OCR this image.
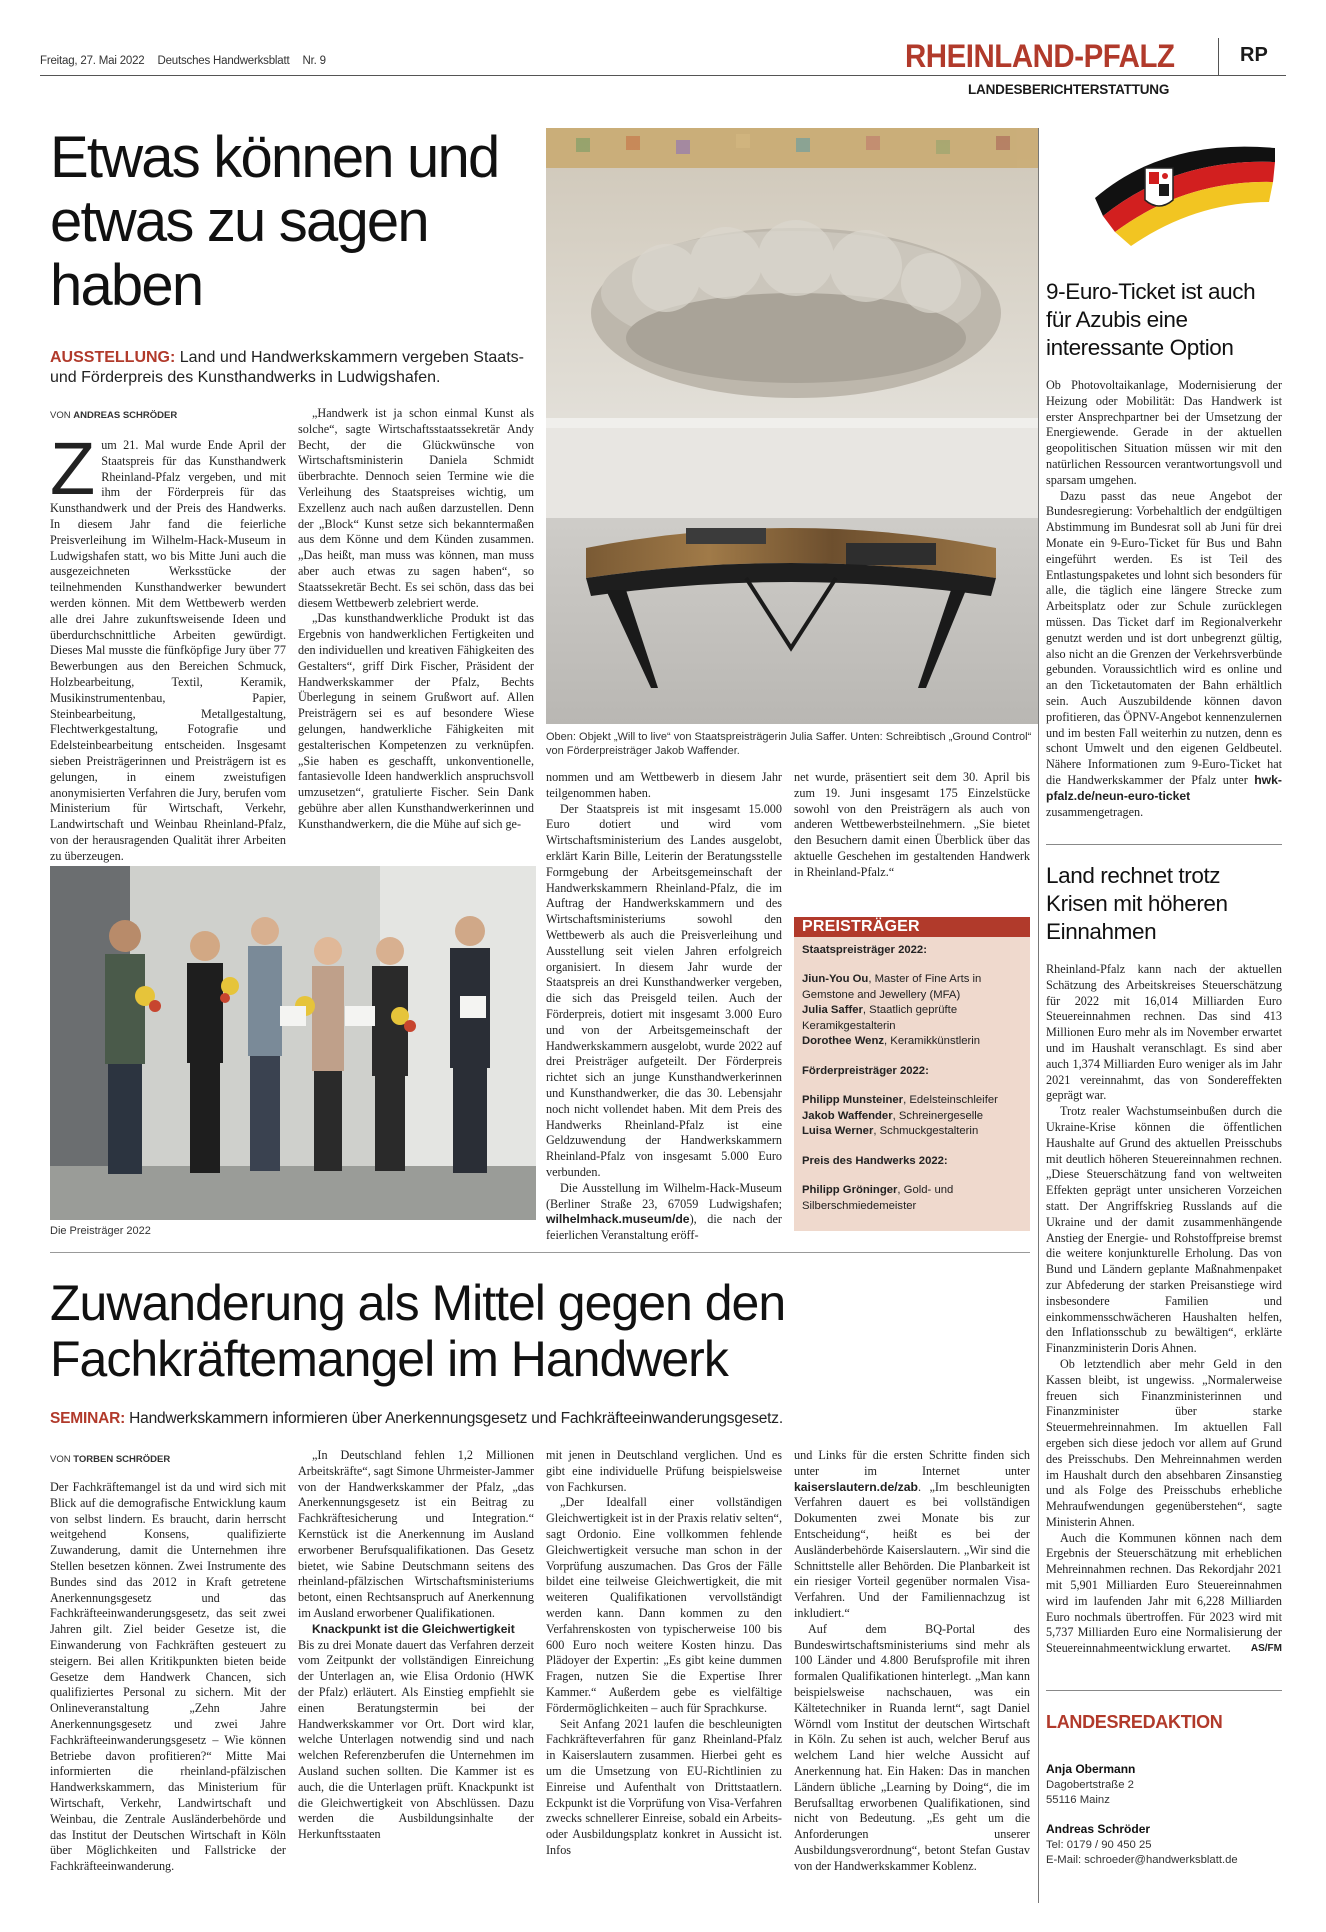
Freitag, 27. Mai 2022 Deutsches Handwerksblatt Nr. 9	RHEINLAND-PFALZ	RP
LANDESBERICHTERSTATTUNG
Etwas können und etwas zu sagen haben
AUSSTELLUNG: Land und Handwerkskammern vergeben Staats- und Förderpreis des Kunsthandwerks in Ludwigshafen.
VON ANDREAS SCHRÖDER
Z um 21. Mal wurde Ende April der Staatspreis für das Kunsthandwerk Rheinland-Pfalz vergeben, und mit ihm der Förderpreis für das Kunsthandwerk und der Preis des Handwerks. In diesem Jahr fand die feierliche Preisverleihung im Wilhelm-Hack-Museum in Ludwigshafen statt, wo bis Mitte Juni auch die ausgezeichneten Werksstücke der teilnehmenden Kunsthandwerker bewundert werden können. Mit dem Wettbewerb werden alle drei Jahre zukunftsweisende Ideen und überdurchschnittliche Arbeiten gewürdigt. Dieses Mal musste die fünfköpfige Jury über 77 Bewerbungen aus den Bereichen Schmuck, Holzbearbeitung, Textil, Keramik, Musikinstrumentenbau, Papier, Steinbearbeitung, Metallgestaltung, Flechtwerkgestaltung, Fotografie und Edelsteinbearbeitung entscheiden. Insgesamt sieben Preisträgerinnen und Preisträgern ist es gelungen, in einem zweistufigen anonymisierten Verfahren die Jury, berufen vom Ministerium für Wirtschaft, Verkehr, Landwirtschaft und Weinbau Rheinland-Pfalz, von der herausragenden Qualität ihrer Arbeiten zu überzeugen.

„Handwerk ist ja schon einmal Kunst als solche“, sagte Wirtschaftsstaatssekretär Andy Becht, der die Glückwünsche von Wirtschaftsministerin Daniela Schmidt überbrachte. Dennoch seien Termine wie die Verleihung des Staatspreises wichtig, um Exzellenz auch nach außen darzustellen. Denn der „Block“ Kunst setze sich bekanntermaßen aus dem Könne und dem Künden zusammen. „Das heißt, man muss was können, man muss aber auch etwas zu sagen haben“, so Staatssekretär Becht. Es sei schön, dass das bei diesem Wettbewerb zelebriert werde.

„Das kunsthandwerkliche Produkt ist das Ergebnis von handwerklichen Fertigkeiten und den individuellen und kreativen Fähigkeiten des Gestalters“, griff Dirk Fischer, Präsident der Handwerkskammer der Pfalz, Bechts Überlegung in seinem Grußwort auf. Allen Preisträgern sei es auf besondere Wiese gelungen, handwerkliche Fähigkeiten mit gestalterischen Kompetenzen zu verknüpfen. „Sie haben es geschafft, unkonventionelle, fantasievolle Ideen handwerklich anspruchsvoll umzusetzen“, gratulierte Fischer. Sein Dank gebühre aber allen Kunsthandwerkerinnen und Kunsthandwerkern, die die Mühe auf sich ge-

Oben: Objekt „Will to live“ von Staatspreisträgerin Julia Saffer. Unten: Schreibtisch „Ground Control“ von Förderpreisträger Jakob Waffender.

nommen und am Wettbewerb in diesem Jahr teilgenommen haben.

Der Staatspreis ist mit insgesamt 15.000 Euro dotiert und wird vom Wirtschaftsministerium des Landes ausgelobt, erklärt Karin Bille, Leiterin der Beratungsstelle Formgebung der Arbeitsgemeinschaft der Handwerkskammern Rheinland-Pfalz, die im Auftrag der Handwerkskammern und des Wirtschaftsministeriums sowohl den Wettbewerb als auch die Preisverleihung und Ausstellung seit vielen Jahren erfolgreich organisiert. In diesem Jahr wurde der Staatspreis an drei Kunsthandwerker vergeben, die sich das Preisgeld teilen. Auch der Förderpreis, dotiert mit insgesamt 3.000 Euro und von der Arbeitsgemeinschaft der Handwerkskammern ausgelobt, wurde 2022 auf drei Preisträger aufgeteilt. Der Förderpreis richtet sich an junge Kunsthandwerkerinnen und Kunsthandwerker, die das 30. Lebensjahr noch nicht vollendet haben. Mit dem Preis des Handwerks Rheinland-Pfalz ist eine Geldzuwendung der Handwerkskammern Rheinland-Pfalz von insgesamt 5.000 Euro verbunden.

Die Ausstellung im Wilhelm-Hack-Museum (Berliner Straße 23, 67059 Ludwigshafen; wilhelmhack.museum/de), die nach der feierlichen Veranstaltung eröff-

net wurde, präsentiert seit dem 30. April bis zum 19. Juni insgesamt 175 Einzelstücke sowohl von den Preisträgern als auch von anderen Wettbewerbsteilnehmern. „Sie bietet den Besuchern damit einen Überblick über das aktuelle Geschehen im gestaltenden Handwerk in Rheinland-Pfalz.“

PREISTRÄGER
Staatspreisträger 2022:

Jiun-You Ou, Master of Fine Arts in Gemstone and Jewellery (MFA)

Julia Saffer, Staatlich geprüfte Keramikgestalterin

Dorothee Wenz, Keramikkünstlerin

Förderpreisträger 2022:

Philipp Munsteiner, Edelsteinschleifer

Jakob Waffender, Schreinergeselle

Luisa Werner, Schmuckgestalterin

Preis des Handwerks 2022:

Philipp Gröninger, Gold- und Silberschmiedemeister

Die Preisträger 2022
9-Euro-Ticket ist auch für Azubis eine interessante Option

Ob Photovoltaikanlage, Modernisierung der Heizung oder Mobilität: Das Handwerk ist erster Ansprechpartner bei der Umsetzung der Energiewende. Gerade in der aktuellen geopolitischen Situation müssen wir mit den natürlichen Ressourcen verantwortungsvoll und sparsam umgehen.

Dazu passt das neue Angebot der Bundesregierung: Vorbehaltlich der endgültigen Abstimmung im Bundesrat soll ab Juni für drei Monate ein 9-Euro-Ticket für Bus und Bahn eingeführt werden. Es ist Teil des Entlastungspaketes und lohnt sich besonders für alle, die täglich eine längere Strecke zum Arbeitsplatz oder zur Schule zurücklegen müssen. Das Ticket darf im Regionalverkehr genutzt werden und ist dort unbegrenzt gültig, also nicht an die Grenzen der Verkehrsverbünde gebunden. Voraussichtlich wird es online und an den Ticketautomaten der Bahn erhältlich sein. Auch Auszubildende können davon profitieren, das ÖPNV-Angebot kennenzulernen und im besten Fall weiterhin zu nutzen, denn es schont Umwelt und den eigenen Geldbeutel. Nähere Informationen zum 9-Euro-Ticket hat die Handwerkskammer der Pfalz unter hwk-pfalz.de/neun-euro-ticket zusammengetragen.

Land rechnet trotz Krisen mit höheren Einnahmen

Rheinland-Pfalz kann nach der aktuellen Schätzung des Arbeitskreises Steuerschätzung für 2022 mit 16,014 Milliarden Euro Steuereinnahmen rechnen. Das sind 413 Millionen Euro mehr als im November erwartet und im Haushalt veranschlagt. Es sind aber auch 1,374 Milliarden Euro weniger als im Jahr 2021 vereinnahmt, das von Sondereffekten geprägt war.

Trotz realer Wachstumseinbußen durch die Ukraine-Krise können die öffentlichen Haushalte auf Grund des aktuellen Preisschubs mit deutlich höheren Steuereinnahmen rechnen. „Diese Steuerschätzung fand von weltweiten Effekten geprägt unter unsicheren Vorzeichen statt. Der Angriffskrieg Russlands auf die Ukraine und der damit zusammenhängende Anstieg der Energie- und Rohstoffpreise bremst die weitere konjunkturelle Erholung. Das von Bund und Ländern geplante Maßnahmenpaket zur Abfederung der starken Preisanstiege wird insbesondere Familien und einkommensschwächeren Haushalten helfen, den Inflationsschub zu bewältigen“, erklärte Finanzministerin Doris Ahnen.

Ob letztendlich aber mehr Geld in den Kassen bleibt, ist ungewiss. „Normalerweise freuen sich Finanzministerinnen und Finanzminister über starke Steuermehreinnahmen. Im aktuellen Fall ergeben sich diese jedoch vor allem auf Grund des Preisschubs. Den Mehreinnahmen werden im Haushalt durch den absehbaren Zinsanstieg und als Folge des Preisschubs erhebliche Mehraufwendungen gegenüberstehen“, sagte Ministerin Ahnen.

Auch die Kommunen können nach dem Ergebnis der Steuerschätzung mit erheblichen Mehreinnahmen rechnen. Das Rekordjahr 2021 mit 5,901 Milliarden Euro Steuereinnahmen wird im laufenden Jahr mit 6,228 Milliarden Euro nochmals übertroffen. Für 2023 wird mit 5,737 Milliarden Euro eine Normalisierung der Steuereinnahmeentwicklung erwartet.	AS/FM

LANDESREDAKTION
Anja Obermann
Dagobertstraße 2
55116 Mainz
Andreas Schröder
Tel: 0179 / 90 450 25
E-Mail: schroeder@handwerksblatt.de
Zuwanderung als Mittel gegen den Fachkräftemangel im Handwerk
SEMINAR: Handwerkskammern informieren über Anerkennungsgesetz und Fachkräfteeinwanderungsgesetz.
VON TORBEN SCHRÖDER

Der Fachkräftemangel ist da und wird sich mit Blick auf die demografische Entwicklung kaum von selbst lindern. Es braucht, darin herrscht weitgehend Konsens, qualifizierte Zuwanderung, damit die Unternehmen ihre Stellen besetzen können. Zwei Instrumente des Bundes sind das 2012 in Kraft getretene Anerkennungsgesetz und das Fachkräfteeinwanderungsgesetz, das seit zwei Jahren gilt. Ziel beider Gesetze ist, die Einwanderung von Fachkräften gesteuert zu steigern. Bei allen Kritikpunkten bieten beide Gesetze dem Handwerk Chancen, sich qualifiziertes Personal zu sichern. Mit der Onlineveranstaltung „Zehn Jahre Anerkennungsgesetz und zwei Jahre Fachkräfteeinwanderungsgesetz – Wie können Betriebe davon profitieren?“ Mitte Mai informierten die rheinland-pfälzischen Handwerkskammern, das Ministerium für Wirtschaft, Verkehr, Landwirtschaft und Weinbau, die Zentrale Ausländerbehörde und das Institut der Deutschen Wirtschaft in Köln über Möglichkeiten und Fallstricke der Fachkräfteeinwanderung.

„In Deutschland fehlen 1,2 Millionen Arbeitskräfte“, sagt Simone Uhrmeister-Jammer von der Handwerkskammer der Pfalz, „das Anerkennungsgesetz ist ein Beitrag zu Fachkräftesicherung und Integration.“ Kernstück ist die Anerkennung im Ausland erworbener Berufsqualifikationen. Das Gesetz bietet, wie Sabine Deutschmann seitens des rheinland-pfälzischen Wirtschaftsministeriums betont, einen Rechtsanspruch auf Anerkennung im Ausland erworbener Qualifikationen.

Knackpunkt ist die Gleichwertigkeit

Bis zu drei Monate dauert das Verfahren derzeit vom Zeitpunkt der vollständigen Einreichung der Unterlagen an, wie Elisa Ordonio (HWK der Pfalz) erläutert. Als Einstieg empfiehlt sie einen Beratungstermin bei der Handwerkskammer vor Ort. Dort wird klar, welche Unterlagen notwendig sind und nach welchen Referenzberufen die Unternehmen im Ausland suchen sollten. Die Kammer ist es auch, die die Unterlagen prüft. Knackpunkt ist die Gleichwertigkeit von Abschlüssen. Dazu werden die Ausbildungsinhalte der Herkunftsstaaten

mit jenen in Deutschland verglichen. Und es gibt eine individuelle Prüfung beispielsweise von Fachkursen.

„Der Idealfall einer vollständigen Gleichwertigkeit ist in der Praxis relativ selten“, sagt Ordonio. Eine vollkommen fehlende Gleichwertigkeit versuche man schon in der Vorprüfung auszumachen. Das Gros der Fälle bildet eine teilweise Gleichwertigkeit, die mit weiteren Qualifikationen vervollständigt werden kann. Dann kommen zu den Verfahrenskosten von typischerweise 100 bis 600 Euro noch weitere Kosten hinzu. Das Plädoyer der Expertin: „Es gibt keine dummen Fragen, nutzen Sie die Expertise Ihrer Kammer.“ Außerdem gebe es vielfältige Fördermöglichkeiten – auch für Sprachkurse.

Seit Anfang 2021 laufen die beschleunigten Fachkräfteverfahren für ganz Rheinland-Pfalz in Kaiserslautern zusammen. Hierbei geht es um die Umsetzung von EU-Richtlinien zu Einreise und Aufenthalt von Drittstaatlern. Eckpunkt ist die Vorprüfung von Visa-Verfahren zwecks schnellerer Einreise, sobald ein Arbeits- oder Ausbildungsplatz konkret in Aussicht ist. Infos

und Links für die ersten Schritte finden sich unter im Internet unter kaiserslautern.de/zab. „Im beschleunigten Verfahren dauert es bei vollständigen Dokumenten zwei Monate bis zur Entscheidung“, heißt es bei der Ausländerbehörde Kaiserslautern. „Wir sind die Schnittstelle aller Behörden. Die Planbarkeit ist ein riesiger Vorteil gegenüber normalen Visa-Verfahren. Und der Familiennachzug ist inkludiert.“

Auf dem BQ-Portal des Bundeswirtschaftsministeriums sind mehr als 100 Länder und 4.800 Berufsprofile mit ihren formalen Qualifikationen hinterlegt. „Man kann beispielsweise nachschauen, was ein Kältetechniker in Ruanda lernt“, sagt Daniel Wörndl vom Institut der deutschen Wirtschaft in Köln. Zu sehen ist auch, welcher Beruf aus welchem Land hier welche Aussicht auf Anerkennung hat. Ein Haken: Das in manchen Ländern übliche „Learning by Doing“, die im Berufsalltag erworbenen Qualifikationen, sind nicht von Bedeutung. „Es geht um die Anforderungen unserer Ausbildungsverordnung“, betont Stefan Gustav von der Handwerkskammer Koblenz.
